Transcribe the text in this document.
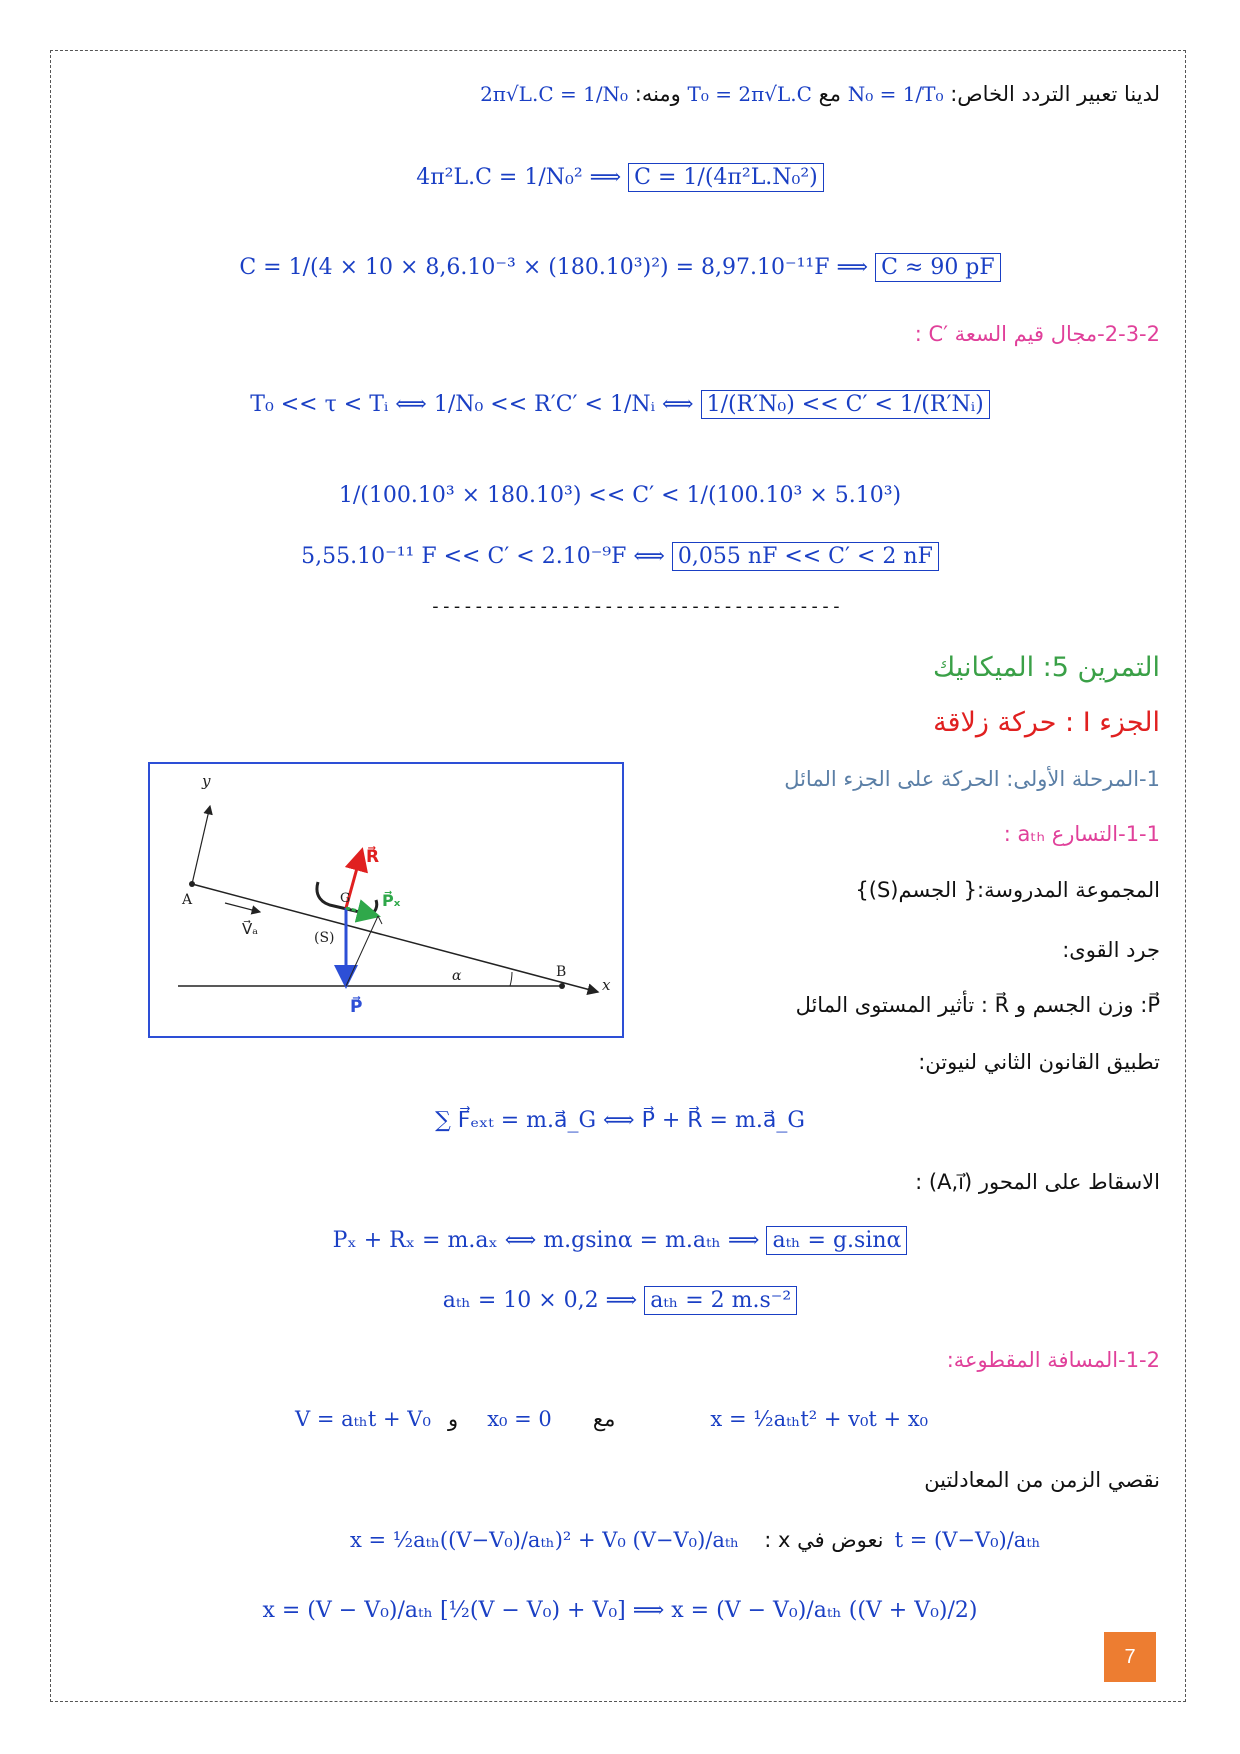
لدينا تعبير التردد الخاص: N₀ = 1/T₀ مع T₀ = 2π√L.C ومنه: 2π√L.C = 1/N₀
4π²L.C = 1/N₀² ⟹ C = 1/(4π²L.N₀²)
C = 1/(4 × 10 × 8,6.10⁻³ × (180.10³)²) = 8,97.10⁻¹¹F ⟹ C ≈ 90 pF
2-3-2-مجال قيم السعة ′C :
T₀ << τ < Tᵢ ⟺ 1/N₀ << R′C′ < 1/Nᵢ ⟺ 1/(R′N₀) << C′ < 1/(R′Nᵢ)
1/(100.10³ × 180.10³) << C′ < 1/(100.10³ × 5.10³)
5,55.10⁻¹¹ F << C′ < 2.10⁻⁹F ⟺ 0,055 nF << C′ < 2 nF
--------------------------------------
التمرين 5: الميكانيك
الجزء I : حركة زلاقة
1-المرحلة الأولى: الحركة على الجزء المائل
1-1-التسارع aₜₕ :
المجموعة المدروسة:{ الجسم(S)}
جرد القوى:
P⃗: وزن الجسم و R⃗ : تأثير المستوى المائل
تطبيق القانون الثاني لنيوتن:
∑ F⃗ₑₓₜ = m.a⃗_G ⟺ P⃗ + R⃗ = m.a⃗_G
الاسقاط على المحور (A,i⃗) :
Pₓ + Rₓ = m.aₓ ⟺ m.gsinα = m.aₜₕ ⟹ aₜₕ = g.sinα
aₜₕ = 10 × 0,2 ⟹ aₜₕ = 2 m.s⁻²
1-2-المسافة المقطوعة:
V = aₜₕt + V₀ و x₀ = 0 مع	x = ½aₜₕt² + v₀t + x₀
نقصي الزمن من المعادلتين
x = ½aₜₕ((V−V₀)/aₜₕ)² + V₀ (V−V₀)/aₜₕ : x نعوض في t = (V−V₀)/aₜₕ
x = (V − V₀)/aₜₕ [½(V − V₀) + V₀] ⟹ x = (V − V₀)/aₜₕ ((V + V₀)/2)
y
x
A
B
G
(S)
α
V⃗ₐ
R⃗
P⃗
P⃗ₓ
7
